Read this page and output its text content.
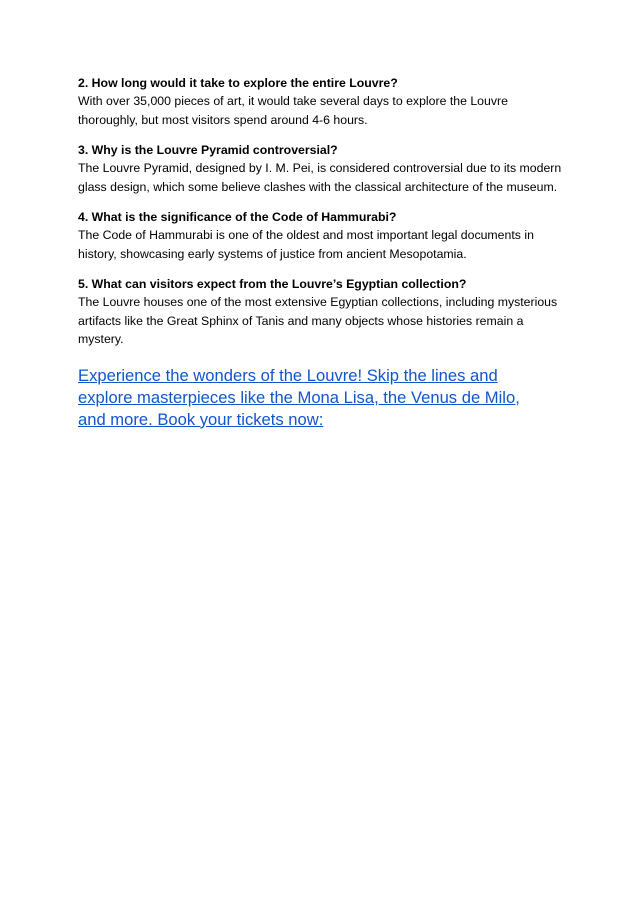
2. How long would it take to explore the entire Louvre?

With over 35,000 pieces of art, it would take several days to explore the Louvre thoroughly, but most visitors spend around 4-6 hours.

3. Why is the Louvre Pyramid controversial?

The Louvre Pyramid, designed by I. M. Pei, is considered controversial due to its modern glass design, which some believe clashes with the classical architecture of the museum.

4. What is the significance of the Code of Hammurabi?

The Code of Hammurabi is one of the oldest and most important legal documents in history, showcasing early systems of justice from ancient Mesopotamia.

5. What can visitors expect from the Louvre’s Egyptian collection?

The Louvre houses one of the most extensive Egyptian collections, including mysterious artifacts like the Great Sphinx of Tanis and many objects whose histories remain a mystery.

Experience the wonders of the Louvre! Skip the lines and explore masterpieces like the Mona Lisa, the Venus de Milo, and more. Book your tickets now:
